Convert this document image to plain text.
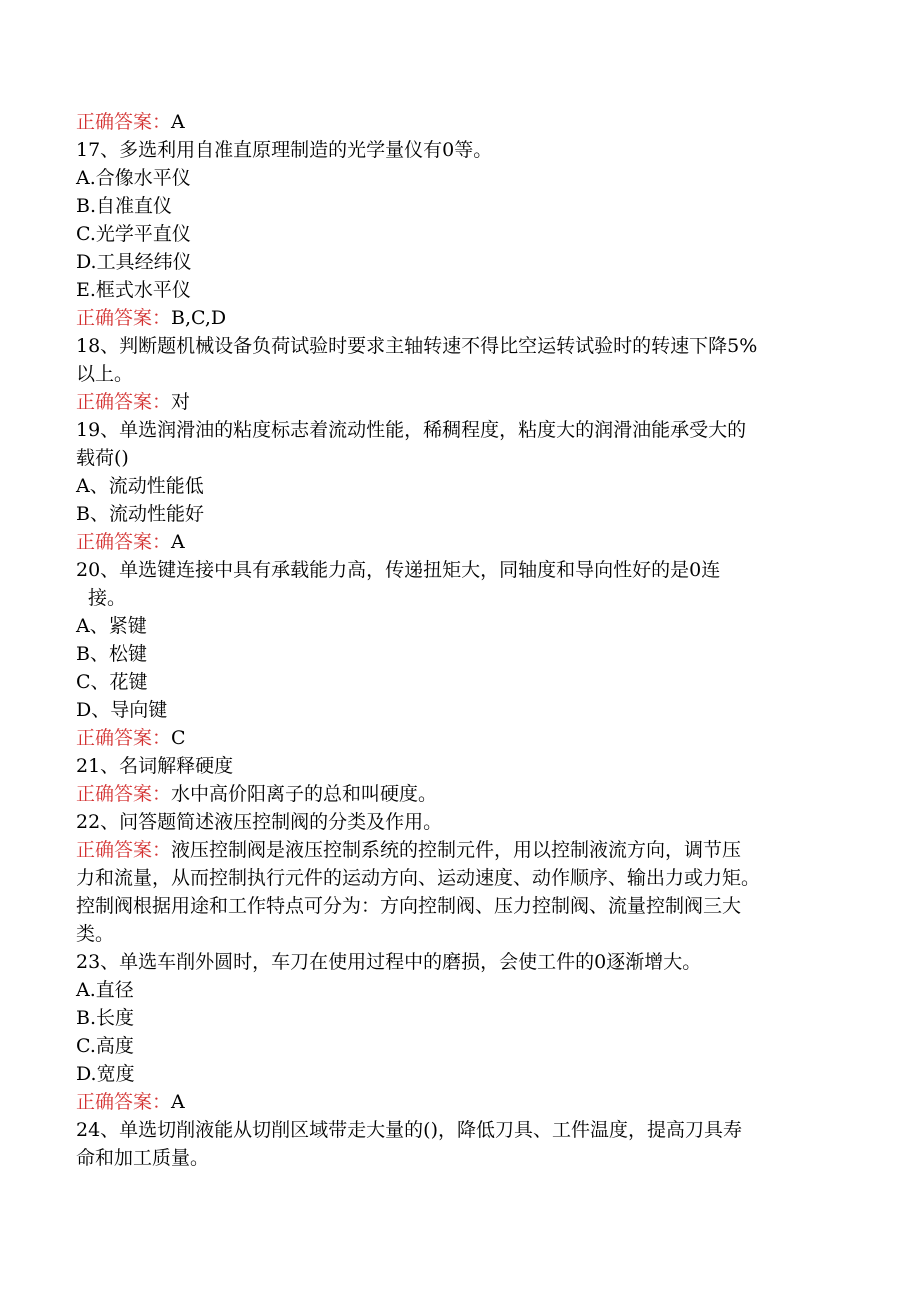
正确答案：A
17、多选利用自准直原理制造的光学量仪有0等。
A.合像水平仪
B.自准直仪
C.光学平直仪
D.工具经纬仪
E.框式水平仪
正确答案：B,C,D
18、判断题机械设备负荷试验时要求主轴转速不得比空运转试验时的转速下降5%
以上。
正确答案：对
19、单选润滑油的粘度标志着流动性能，稀稠程度，粘度大的润滑油能承受大的
载荷()
A、流动性能低
B、流动性能好
正确答案：A
20、单选键连接中具有承载能力高，传递扭矩大，同轴度和导向性好的是0连
接。
A、紧键
B、松键
C、花键
D、导向键
正确答案：C
21、名词解释硬度
正确答案：水中高价阳离子的总和叫硬度。
22、问答题简述液压控制阀的分类及作用。
正确答案：液压控制阀是液压控制系统的控制元件，用以控制液流方向，调节压
力和流量，从而控制执行元件的运动方向、运动速度、动作顺序、输出力或力矩。
控制阀根据用途和工作特点可分为：方向控制阀、压力控制阀、流量控制阀三大
类。
23、单选车削外圆时，车刀在使用过程中的磨损，会使工件的0逐渐增大。
A.直径
B.长度
C.高度
D.宽度
正确答案：A
24、单选切削液能从切削区域带走大量的()，降低刀具、工件温度，提高刀具寿
命和加工质量。
